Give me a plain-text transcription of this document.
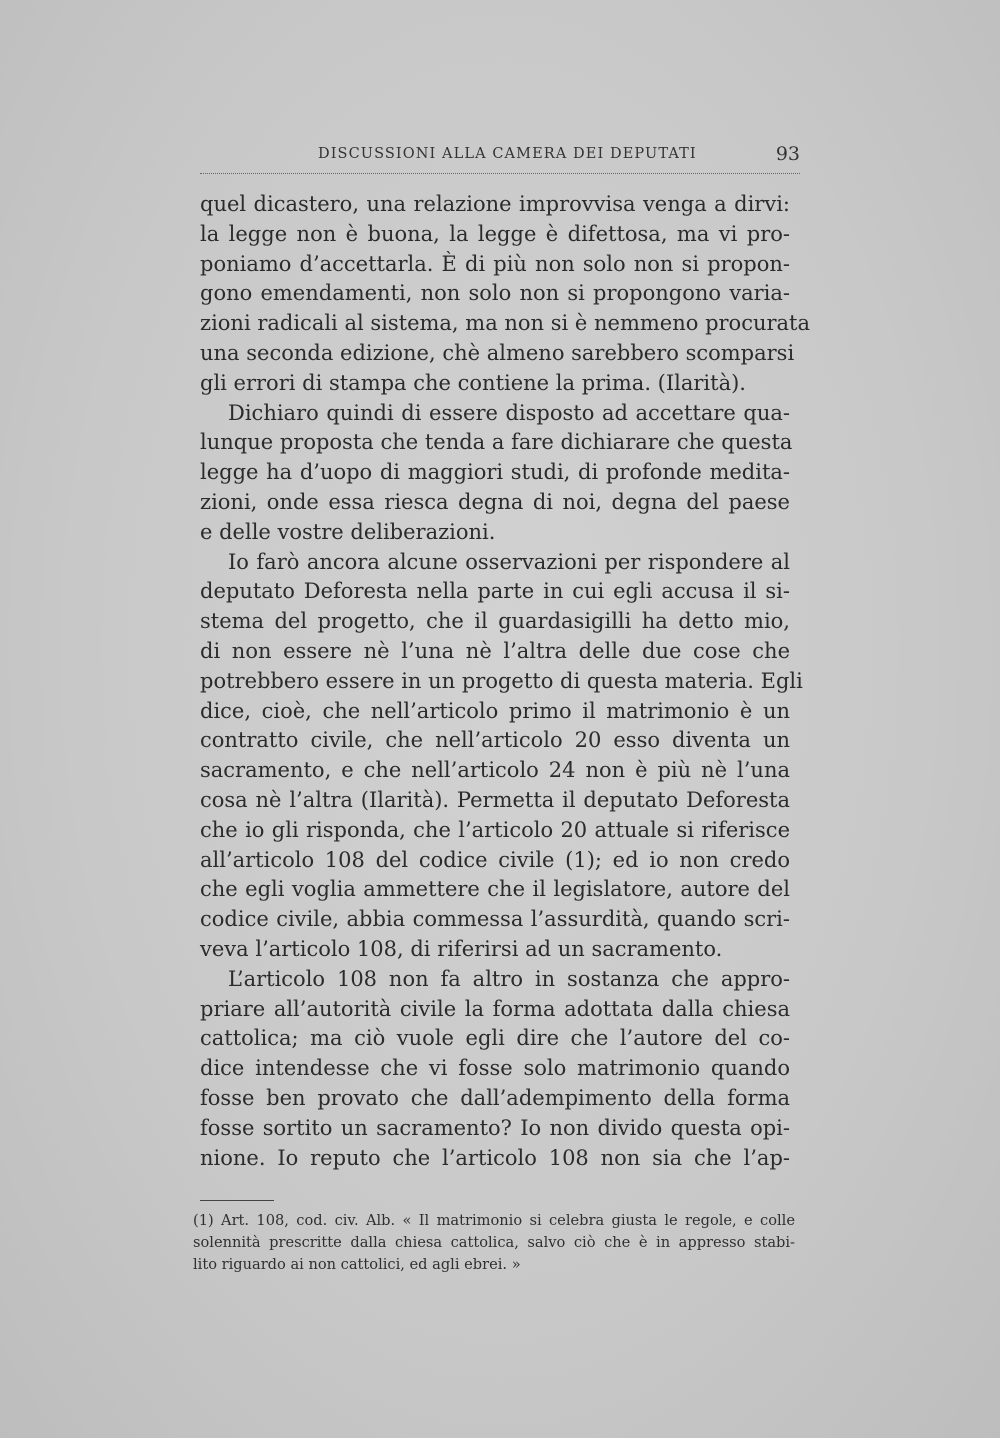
DISCUSSIONI ALLA CAMERA DEI DEPUTATI	93
quel dicastero, una relazione improvvisa venga a dirvi:
la legge non è buona, la legge è difettosa, ma vi pro-
poniamo d’accettarla. È di più non solo non si propon-
gono emendamenti, non solo non si propongono varia-
zioni radicali al sistema, ma non si è nemmeno procurata
una seconda edizione, chè almeno sarebbero scomparsi
gli errori di stampa che contiene la prima. (Ilarità).
Dichiaro quindi di essere disposto ad accettare qua-
lunque proposta che tenda a fare dichiarare che questa
legge ha d’uopo di maggiori studi, di profonde medita-
zioni, onde essa riesca degna di noi, degna del paese
e delle vostre deliberazioni.
Io farò ancora alcune osservazioni per rispondere al
deputato Deforesta nella parte in cui egli accusa il si-
stema del progetto, che il guardasigilli ha detto mio,
di non essere nè l’una nè l’altra delle due cose che
potrebbero essere in un progetto di questa materia. Egli
dice, cioè, che nell’articolo primo il matrimonio è un
contratto civile, che nell’articolo 20 esso diventa un
sacramento, e che nell’articolo 24 non è più nè l’una
cosa nè l’altra (Ilarità). Permetta il deputato Deforesta
che io gli risponda, che l’articolo 20 attuale si riferisce
all’articolo 108 del codice civile (1); ed io non credo
che egli voglia ammettere che il legislatore, autore del
codice civile, abbia commessa l’assurdità, quando scri-
veva l’articolo 108, di riferirsi ad un sacramento.
L’articolo 108 non fa altro in sostanza che appro-
priare all’autorità civile la forma adottata dalla chiesa
cattolica; ma ciò vuole egli dire che l’autore del co-
dice intendesse che vi fosse solo matrimonio quando
fosse ben provato che dall’adempimento della forma
fosse sortito un sacramento? Io non divido questa opi-
nione. Io reputo che l’articolo 108 non sia che l’ap-
(1) Art. 108, cod. civ. Alb. « Il matrimonio si celebra giusta le regole, e colle
solennità prescritte dalla chiesa cattolica, salvo ciò che è in appresso stabi-
lito riguardo ai non cattolici, ed agli ebrei. »
